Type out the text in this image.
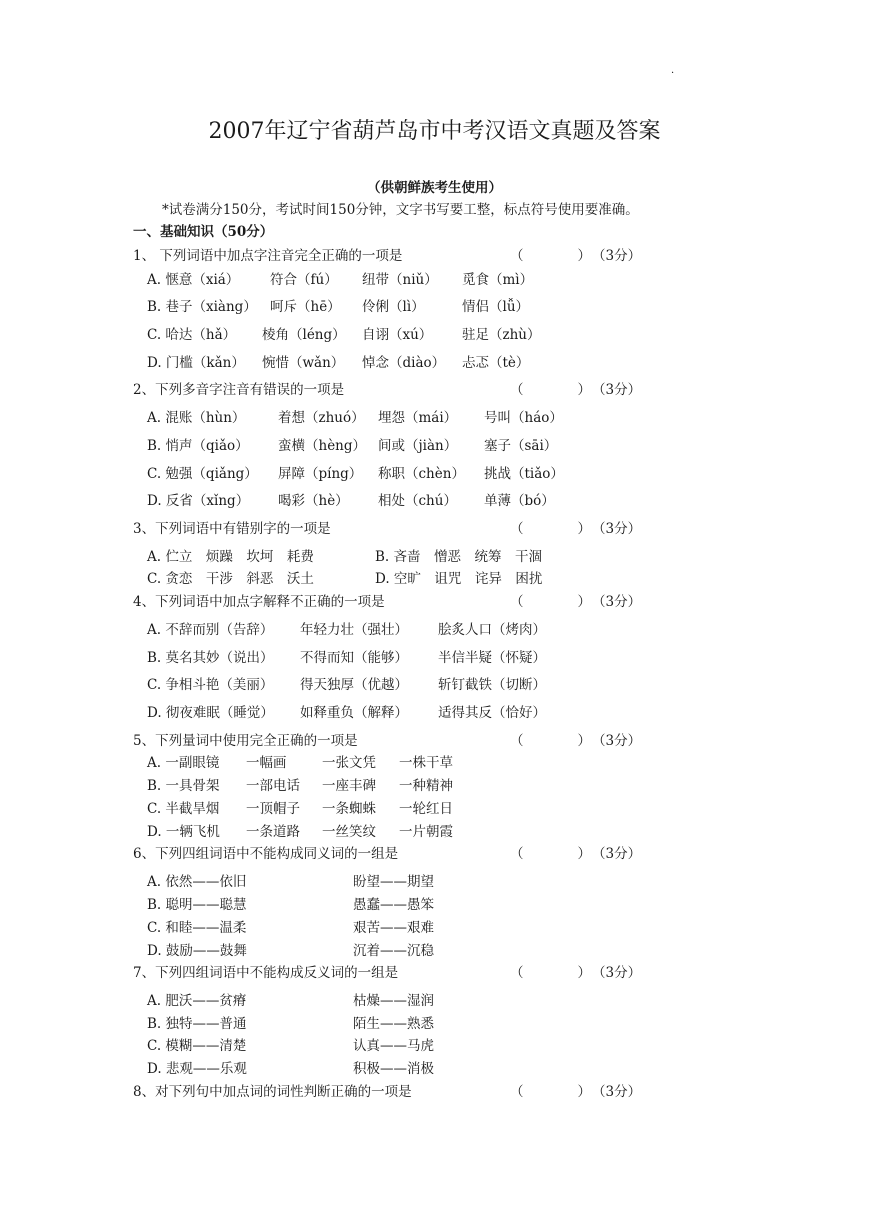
·
2007年辽宁省葫芦岛市中考汉语文真题及答案
（供朝鲜族考生使用）
*试卷满分150分，考试时间150分钟，文字书写要工整，标点符号使用要准确。
一、基础知识（50分）
1、 下列词语中加点字注音完全正确的一项是	（　　　　） （3分）
A. 惬意（xiá） 符合（fú） 纽带（niǔ） 觅食（mì）
B. 巷子（xiàng） 呵斥（hē） 伶俐（lì）	情侣（lǚ）
C. 哈达（hǎ） 棱角（léng） 自诩（xú） 驻足（zhù）
D. 门槛（kǎn） 惋惜（wǎn） 悼念（diào） 忐忑（tè）
2、下列多音字注音有错误的一项是	（　　　　） （3分）
A. 混账（hùn） 着想（zhuó） 埋怨（mái） 号叫（háo）
B. 悄声（qiǎo） 蛮横（hèng） 间或（jiàn） 塞子（sāi）
C. 勉强（qiǎng） 屏障（píng） 称职（chèn） 挑战（tiǎo）
D. 反省（xǐng） 喝彩（hè） 相处（chú） 单薄（bó）
3、下列词语中有错别字的一项是	（　　　　） （3分）
A. 伫立　烦躁　坎坷　耗费	B. 吝啬　憎恶　统筹　干涸
C. 贪恋　干涉　斜恶　沃土	D. 空旷　诅咒　诧异　困扰
4、下列词语中加点字解释不正确的一项是	（　　　　） （3分）
A. 不辞而别（告辞） 年轻力壮（强壮） 脍炙人口（烤肉）
B. 莫名其妙（说出） 不得而知（能够） 半信半疑（怀疑）
C. 争相斗艳（美丽） 得天独厚（优越） 斩钉截铁（切断）
D. 彻夜难眠（睡觉） 如释重负（解释） 适得其反（恰好）
5、下列量词中使用完全正确的一项是	（　　　　） （3分）
A. 一副眼镜 一幅画	一张文凭 一株干草
B. 一具骨架 一部电话 一座丰碑 一种精神
C. 半截旱烟 一顶帽子 一条蜘蛛 一轮红日
D. 一辆飞机 一条道路 一丝笑纹 一片朝霞
6、下列四组词语中不能构成同义词的一组是	（　　　　） （3分）
A. 依然——依旧	盼望——期望
B. 聪明——聪慧	愚蠢——愚笨
C. 和睦——温柔	艰苦——艰难
D. 鼓励——鼓舞	沉着——沉稳
7、下列四组词语中不能构成反义词的一组是	（　　　　） （3分）
A. 肥沃——贫瘠	枯燥——湿润
B. 独特——普通	陌生——熟悉
C. 模糊——清楚	认真——马虎
D. 悲观——乐观	积极——消极
8、对下列句中加点词的词性判断正确的一项是	（　　　　） （3分）
